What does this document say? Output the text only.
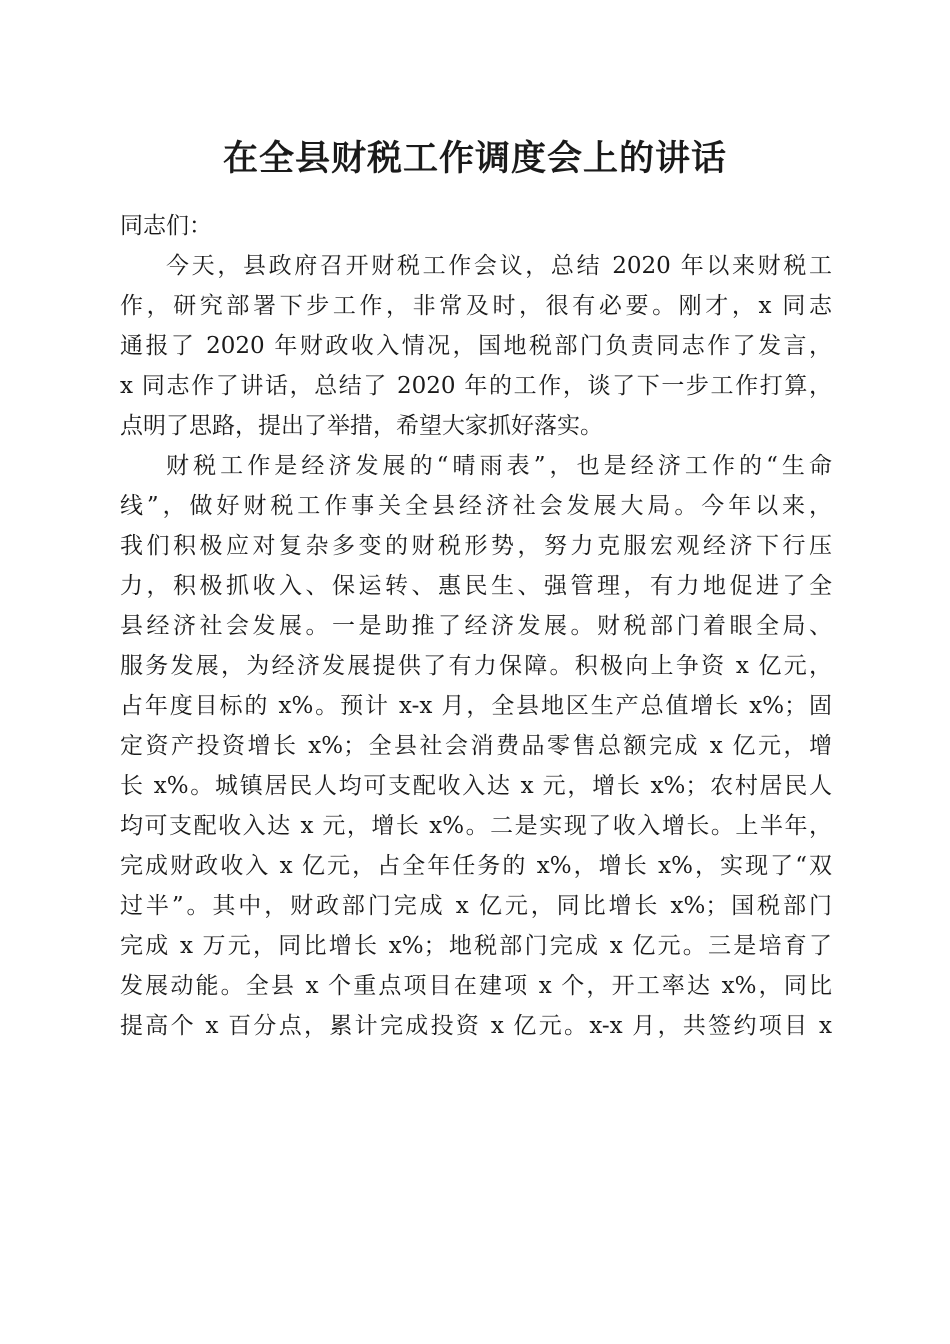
在全县财税工作调度会上的讲话
同志们：
今天，县政府召开财税工作会议，总结 2020 年以来财税工
作，研究部署下步工作，非常及时，很有必要。刚才，x 同志
通报了 2020 年财政收入情况，国地税部门负责同志作了发言，
x 同志作了讲话，总结了 2020 年的工作，谈了下一步工作打算，
点明了思路，提出了举措，希望大家抓好落实。
财税工作是经济发展的“晴雨表”，也是经济工作的“生命
线”，做好财税工作事关全县经济社会发展大局。今年以来，
我们积极应对复杂多变的财税形势，努力克服宏观经济下行压
力，积极抓收入、保运转、惠民生、强管理，有力地促进了全
县经济社会发展。一是助推了经济发展。财税部门着眼全局、
服务发展，为经济发展提供了有力保障。积极向上争资 x 亿元，
占年度目标的 x%。预计 x-x 月，全县地区生产总值增长 x%；固
定资产投资增长 x%；全县社会消费品零售总额完成 x 亿元，增
长 x%。城镇居民人均可支配收入达 x 元，增长 x%；农村居民人
均可支配收入达 x 元，增长 x%。二是实现了收入增长。上半年，
完成财政收入 x 亿元，占全年任务的 x%，增长 x%，实现了“双
过半”。其中，财政部门完成 x 亿元，同比增长 x%；国税部门
完成 x 万元，同比增长 x%；地税部门完成 x 亿元。三是培育了
发展动能。全县 x 个重点项目在建项 x 个，开工率达 x%，同比
提高个 x 百分点，累计完成投资 x 亿元。x-x 月，共签约项目 x
